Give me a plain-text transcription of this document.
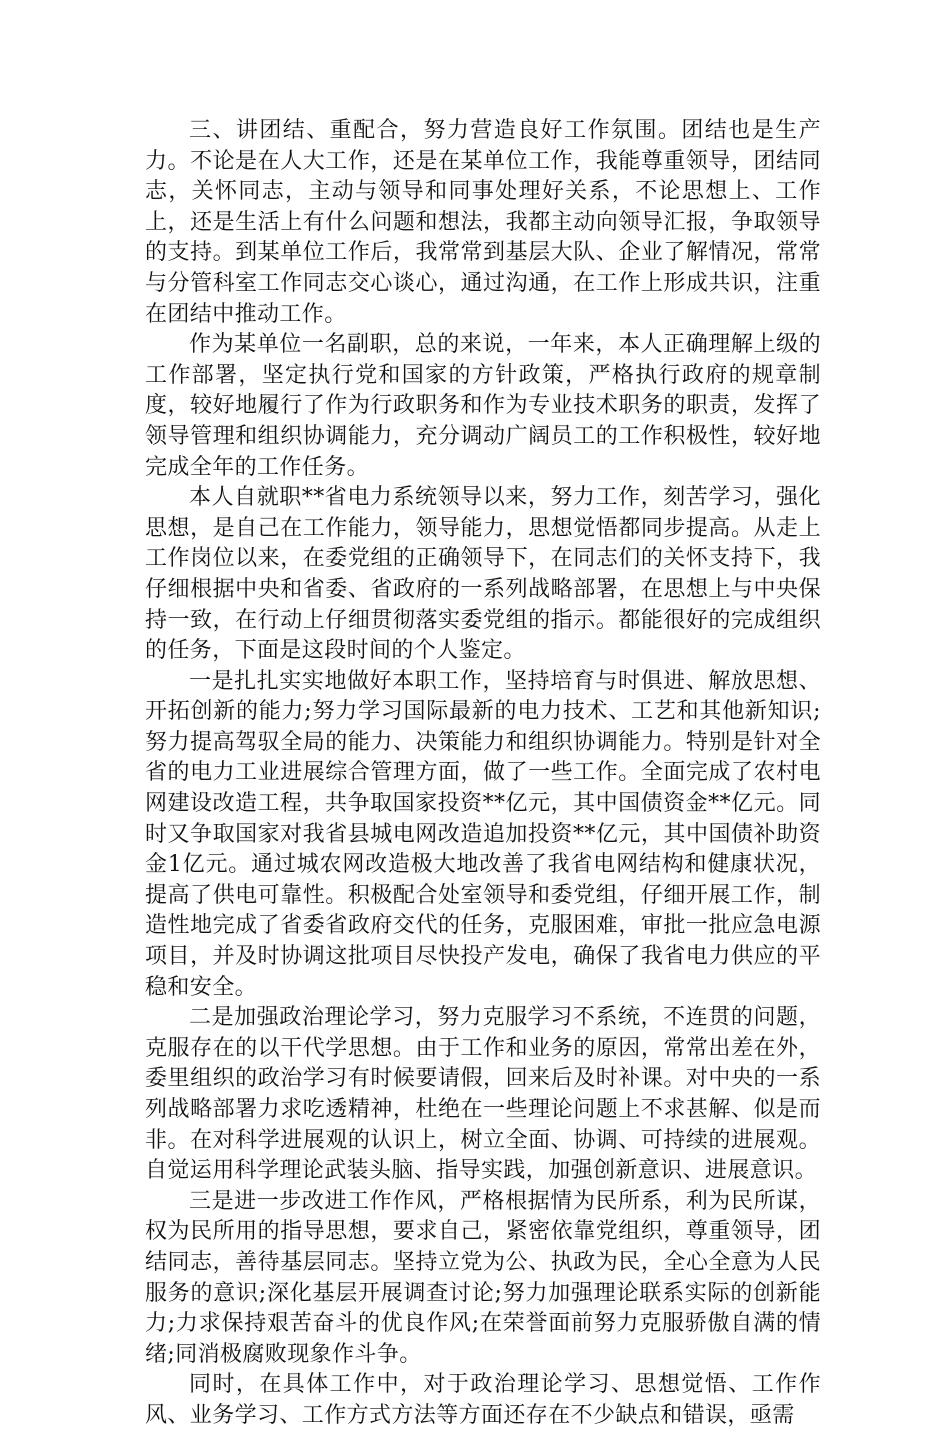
三、讲团结、重配合，努力营造良好工作氛围。团结也是生产力。不论是在人大工作，还是在某单位工作，我能尊重领导，团结同志，关怀同志，主动与领导和同事处理好关系，不论思想上、工作上，还是生活上有什么问题和想法，我都主动向领导汇报，争取领导的支持。到某单位工作后，我常常到基层大队、企业了解情况，常常与分管科室工作同志交心谈心，通过沟通，在工作上形成共识，注重在团结中推动工作。

作为某单位一名副职，总的来说，一年来，本人正确理解上级的工作部署，坚定执行党和国家的方针政策，严格执行政府的规章制度，较好地履行了作为行政职务和作为专业技术职务的职责，发挥了领导管理和组织协调能力，充分调动广阔员工的工作积极性，较好地完成全年的工作任务。

本人自就职**省电力系统领导以来，努力工作，刻苦学习，强化思想，是自己在工作能力，领导能力，思想觉悟都同步提高。从走上工作岗位以来，在委党组的正确领导下，在同志们的关怀支持下，我仔细根据中央和省委、省政府的一系列战略部署，在思想上与中央保持一致，在行动上仔细贯彻落实委党组的指示。都能很好的完成组织的任务，下面是这段时间的个人鉴定。

一是扎扎实实地做好本职工作，坚持培育与时俱进、解放思想、开拓创新的能力;努力学习国际最新的电力技术、工艺和其他新知识;努力提高驾驭全局的能力、决策能力和组织协调能力。特别是针对全省的电力工业进展综合管理方面，做了一些工作。全面完成了农村电网建设改造工程，共争取国家投资**亿元，其中国债资金**亿元。同时又争取国家对我省县城电网改造追加投资**亿元，其中国债补助资金1亿元。通过城农网改造极大地改善了我省电网结构和健康状况，提高了供电可靠性。积极配合处室领导和委党组，仔细开展工作，制造性地完成了省委省政府交代的任务，克服困难，审批一批应急电源项目，并及时协调这批项目尽快投产发电，确保了我省电力供应的平稳和安全。

二是加强政治理论学习，努力克服学习不系统，不连贯的问题，克服存在的以干代学思想。由于工作和业务的原因，常常出差在外，委里组织的政治学习有时候要请假，回来后及时补课。对中央的一系列战略部署力求吃透精神，杜绝在一些理论问题上不求甚解、似是而非。在对科学进展观的认识上，树立全面、协调、可持续的进展观。自觉运用科学理论武装头脑、指导实践，加强创新意识、进展意识。

三是进一步改进工作作风，严格根据情为民所系，利为民所谋，权为民所用的指导思想，要求自己，紧密依靠党组织，尊重领导，团结同志，善待基层同志。坚持立党为公、执政为民，全心全意为人民服务的意识;深化基层开展调查讨论;努力加强理论联系实际的创新能力;力求保持艰苦奋斗的优良作风;在荣誉面前努力克服骄傲自满的情绪;同消极腐败现象作斗争。

同时，在具体工作中，对于政治理论学习、思想觉悟、工作作风、业务学习、工作方式方法等方面还存在不少缺点和错误，亟需
